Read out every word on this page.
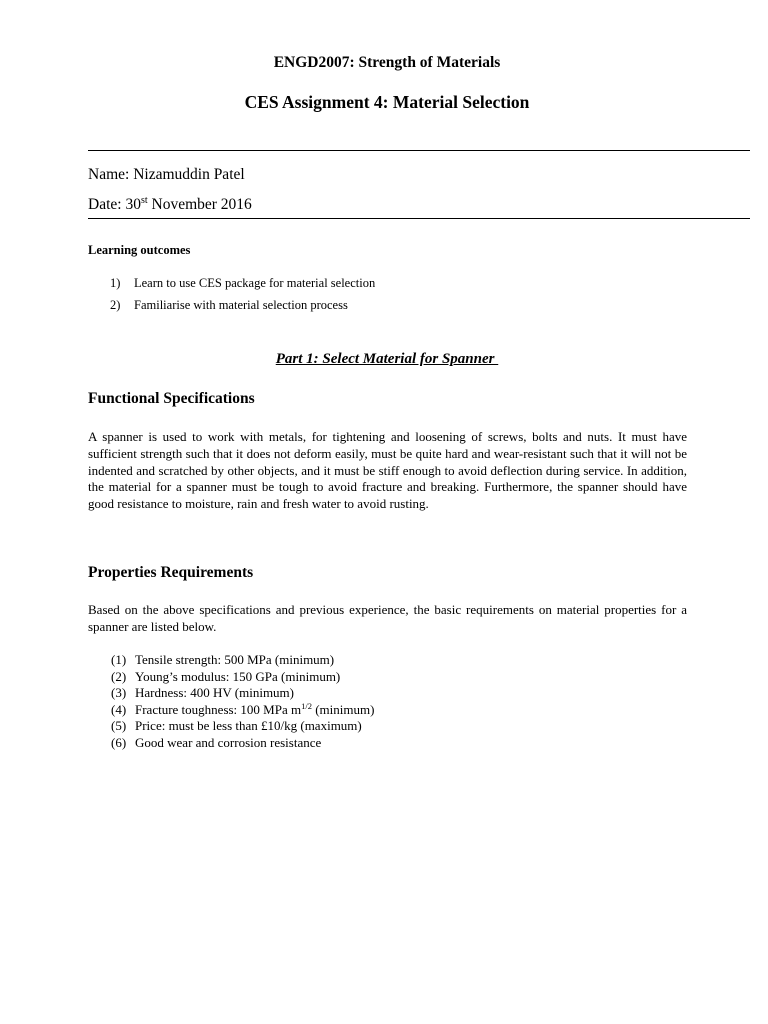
ENGD2007: Strength of Materials
CES Assignment 4: Material Selection
Name: Nizamuddin Patel
Date: 30st November 2016
Learning outcomes
1) Learn to use CES package for material selection
2) Familiarise with material selection process
Part 1: Select Material for Spanner
Functional Specifications

A spanner is used to work with metals, for tightening and loosening of screws, bolts and nuts. It must have sufficient strength such that it does not deform easily, must be quite hard and wear-resistant such that it will not be indented and scratched by other objects, and it must be stiff enough to avoid deflection during service. In addition, the material for a spanner must be tough to avoid fracture and breaking. Furthermore, the spanner should have good resistance to moisture, rain and fresh water to avoid rusting.

Properties Requirements

Based on the above specifications and previous experience, the basic requirements on material properties for a spanner are listed below.

(1) Tensile strength: 500 MPa (minimum)
(2) Young’s modulus: 150 GPa (minimum)
(3) Hardness: 400 HV (minimum)
(4) Fracture toughness: 100 MPa $m^{1/2}$ (minimum)
(5) Price: must be less than £10/kg (maximum)
(6) Good wear and corrosion resistance
